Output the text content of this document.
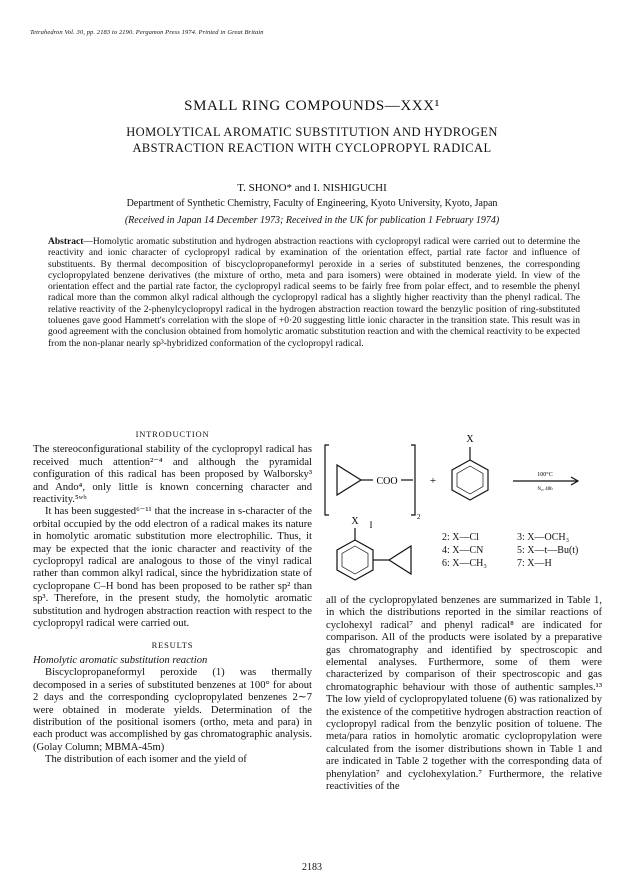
Tetrahedron Vol. 30, pp. 2183 to 2190. Pergamon Press 1974. Printed in Great Britain
SMALL RING COMPOUNDS—XXX¹
HOMOLYTICAL AROMATIC SUBSTITUTION AND HYDROGEN
ABSTRACTION REACTION WITH CYCLOPROPYL RADICAL
T. SHONO* and I. NISHIGUCHI
Department of Synthetic Chemistry, Faculty of Engineering, Kyoto University, Kyoto, Japan
(Received in Japan 14 December 1973; Received in the UK for publication 1 February 1974)
Abstract—Homolytic aromatic substitution and hydrogen abstraction reactions with cyclopropyl radical were carried out to determine the reactivity and ionic character of cyclopropyl radical by examination of the orientation effect, partial rate factor and influence of substituents. By thermal decomposition of biscyclopropaneformyl peroxide in a series of substituted benzenes, the corresponding cyclopropylated benzene derivatives (the mixture of ortho, meta and para isomers) were obtained in moderate yield. In view of the orientation effect and the partial rate factor, the cyclopropyl radical seems to be fairly free from polar effect, and to resemble the phenyl radical more than the common alkyl radical although the cyclopropyl radical has a slightly higher reactivity than the phenyl radical. The relative reactivity of the 2-phenylcyclopropyl radical in the hydrogen abstraction reaction toward the benzylic position of ring-substituted toluenes gave good Hammett's correlation with the slope of +0·20 suggesting little ionic character in the transition state. This result was in good agreement with the conclusion obtained from homolytic aromatic substitution reaction and with the chemical reactivity to be expected from the non-planar nearly sp³-hybridized conformation of the cyclopropyl radical.
INTRODUCTION

The stereoconfigurational stability of the cyclopropyl radical has received much attention²⁻⁴ and although the pyramidal configuration of this radical has been proposed by Walborsky³ and Ando⁴, only little is known concerning character and reactivity.⁵ʷᵇ

It has been suggested⁶⁻¹¹ that the increase in s-character of the orbital occupied by the odd electron of a radical makes its nature in homolytic aromatic substitution more electrophilic. Thus, it may be expected that the ionic character and reactivity of the cyclopropyl radical are analogous to those of the vinyl radical rather than common alkyl radical, since the hybridization state of cyclopropane C–H bond has been proposed to be rather sp² than sp³. Therefore, in the present study, the homolytic aromatic substitution and hydrogen abstraction reaction with respect to the cyclopropyl radical were carried out.

RESULTS

Homolytic aromatic substitution reaction

Biscyclopropaneformyl peroxide (1) was thermally decomposed in a series of substituted benzenes at 100° for about 2 days and the corresponding cyclopropylated benzenes 2∼7 were obtained in moderate yields. Determination of the distribution of the positional isomers (ortho, meta and para) in each product was accomplished by gas chromatographic analysis. (Golay Column; MBMA-45m)

The distribution of each isomer and the yield of

COO
2
+
X
100°C
N₂, 48h
I
X
2: X—Cl	3: X—OCH₃
4: X—CN	5: X—t—Bu(t)
6: X—CH₃	7: X—H

all of the cyclopropylated benzenes are summarized in Table 1, in which the distributions reported in the similar reactions of cyclohexyl radical⁷ and phenyl radical⁸ are indicated for comparison. All of the products were isolated by a preparative gas chromatography and identified by spectroscopic and elemental analyses. Furthermore, some of them were characterized by comparison of their spectroscopic and gas chromatographic behaviour with those of authentic samples.¹³ The low yield of cyclopropylated toluene (6) was rationalized by the existence of the competitive hydrogen abstraction reaction of cyclopropyl radical from the benzylic position of toluene. The meta/para ratios in homolytic aromatic cyclopropylation were calculated from the isomer distributions shown in Table 1 and are indicated in Table 2 together with the corresponding data of phenylation⁷ and cyclohexylation.⁷ Furthermore, the relative reactivities of the

2183
